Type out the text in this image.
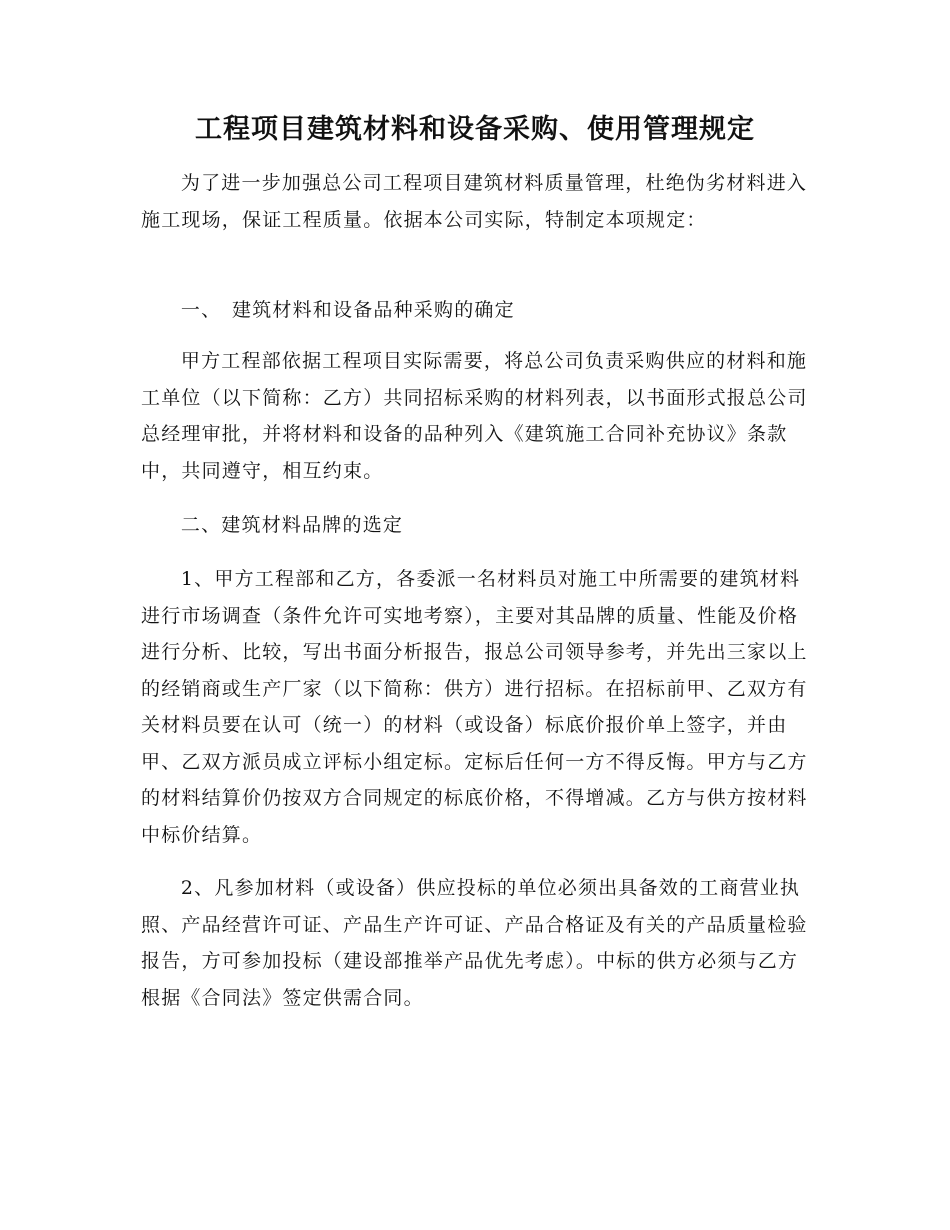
工程项目建筑材料和设备采购、使用管理规定

为了进一步加强总公司工程项目建筑材料质量管理，杜绝伪劣材料进入施工现场，保证工程质量。依据本公司实际，特制定本项规定：

一、　建筑材料和设备品种采购的确定

甲方工程部依据工程项目实际需要，将总公司负责采购供应的材料和施工单位（以下简称：乙方）共同招标采购的材料列表，以书面形式报总公司总经理审批，并将材料和设备的品种列入《建筑施工合同补充协议》条款中，共同遵守，相互约束。

二、建筑材料品牌的选定

1、甲方工程部和乙方，各委派一名材料员对施工中所需要的建筑材料进行市场调查（条件允许可实地考察），主要对其品牌的质量、性能及价格进行分析、比较，写出书面分析报告，报总公司领导参考，并先出三家以上的经销商或生产厂家（以下简称：供方）进行招标。在招标前甲、乙双方有关材料员要在认可（统一）的材料（或设备）标底价报价单上签字，并由甲、乙双方派员成立评标小组定标。定标后任何一方不得反悔。甲方与乙方的材料结算价仍按双方合同规定的标底价格，不得增减。乙方与供方按材料中标价结算。

2、凡参加材料（或设备）供应投标的单位必须出具备效的工商营业执照、产品经营许可证、产品生产许可证、产品合格证及有关的产品质量检验报告，方可参加投标（建设部推举产品优先考虑）。中标的供方必须与乙方根据《合同法》签定供需合同。
